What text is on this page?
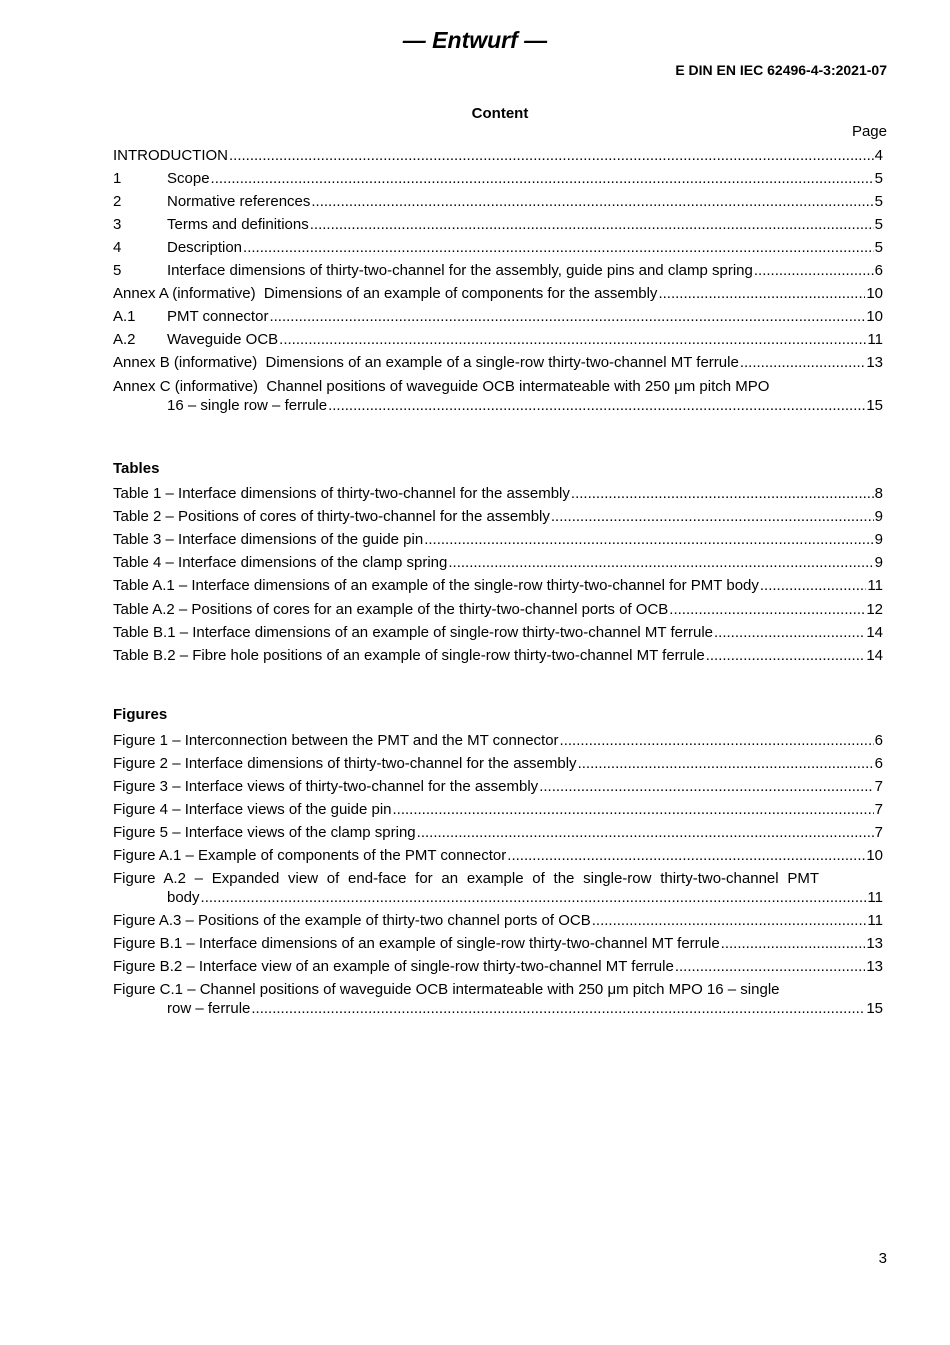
— Entwurf —
E DIN EN IEC 62496-4-3:2021-07
Content
Page
INTRODUCTION .....	4
1	Scope .....	5
2	Normative references .....	5
3	Terms and definitions .....	5
4	Description .....	5
5	Interface dimensions of thirty-two-channel for the assembly, guide pins and clamp spring .....	6
Annex A (informative)  Dimensions of an example of components for the assembly .....	10
A.1	PMT connector .....	10
A.2	Waveguide OCB .....	11
Annex B (informative)  Dimensions of an example of a single-row thirty-two-channel MT ferrule .....	13
Annex C (informative)  Channel positions of waveguide OCB intermateable with 250 μm pitch MPO
16 – single row – ferrule .....	15
Tables
Table 1 – Interface dimensions of thirty-two-channel for the assembly .....	8
Table 2 – Positions of cores of thirty-two-channel for the assembly .....	9
Table 3 – Interface dimensions of the guide pin .....	9
Table 4 – Interface dimensions of the clamp spring .....	9
Table A.1 – Interface dimensions of an example of the single-row thirty-two-channel for PMT body .....	11
Table A.2 – Positions of cores for an example of the thirty-two-channel ports of OCB .....	12
Table B.1 – Interface dimensions of an example of single-row thirty-two-channel MT ferrule .....	14
Table B.2 – Fibre hole positions of an example of single-row thirty-two-channel MT ferrule .....	14
Figures
Figure 1 – Interconnection between the PMT and the MT connector .....	6
Figure 2 – Interface dimensions of thirty-two-channel for the assembly .....	6
Figure 3 – Interface views of thirty-two-channel for the assembly .....	7
Figure 4 – Interface views of the guide pin .....	7
Figure 5 – Interface views of the clamp spring .....	7
Figure A.1 – Example of components of the PMT connector .....	10
Figure A.2 – Expanded view of end-face for an example of the single-row thirty-two-channel PMT
body .....	11
Figure A.3 – Positions of the example of thirty-two channel ports of OCB .....	11
Figure B.1 – Interface dimensions of an example of single-row thirty-two-channel MT ferrule .....	13
Figure B.2 – Interface view of an example of single-row thirty-two-channel MT ferrule .....	13
Figure C.1 – Channel positions of waveguide OCB intermateable with 250 μm pitch MPO 16 – single
row – ferrule .....	15
3
